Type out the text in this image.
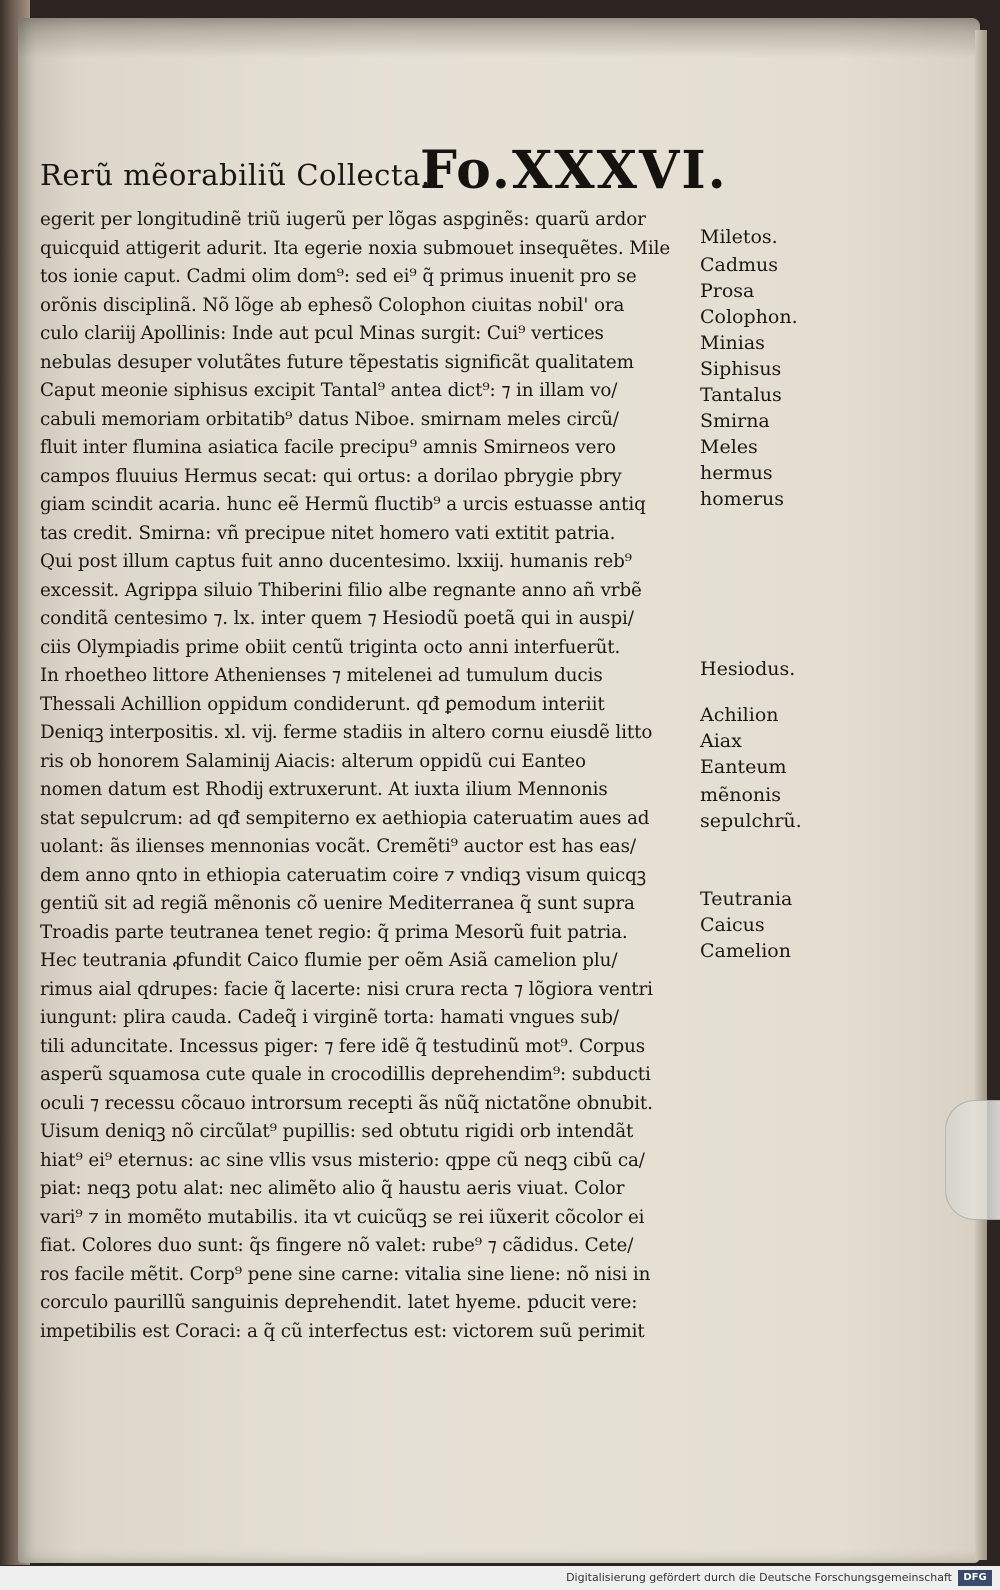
Rerũ mẽorabiliũ Collecta.
Fo.XXXVI.
egerit per longitudinẽ triũ iugerũ per lõgas aspginẽs: quarũ ardor
quicquid attigerit adurit. Ita egerie noxia submouet insequẽtes. Mile
tos ionie caput. Cadmi olim dom⁹: sed ei⁹ q̃ primus inuenit pro se
orõnis disciplinã. Nõ lõge ab ephesõ Colophon ciuitas nobil' ora
culo clariĳ Apollinis: Inde aut pcul Minas surgit: Cui⁹ vertices
nebulas desuper volutãtes future tẽpestatis significãt qualitatem
Caput meonie siphisus excipit Tantal⁹ antea dict⁹: ⁊ in illam vo/
cabuli memoriam orbitatib⁹ datus Niboe. smirnam meles circũ/
fluit inter flumina asiatica facile precipu⁹ amnis Smirneos vero
campos fluuius Hermus secat: qui ortus: a dorilao pbrygie pbry
giam scindit acaria. hunc eẽ Hermũ fluctib⁹ a urcis estuasse antiq
tas credit. Smirna: vñ precipue nitet homero vati extitit patria.
Qui post illum captus fuit anno ducentesimo. lxxiĳ. humanis reb⁹
excessit. Agrippa siluio Thiberini filio albe regnante anno añ vrbẽ
conditã centesimo ⁊. lx. inter quem ⁊ Hesiodũ poetã qui in auspi/
ciis Olympiadis prime obiit centũ triginta octo anni interfuerũt.
In rhoetheo littore Athenienses ⁊ mitelenei ad tumulum ducis
Thessali Achillion oppidum condiderunt. qđ ꝑemodum interiit
Deniqꝫ interpositis. xl. vĳ. ferme stadiis in altero cornu eiusdẽ litto
ris ob honorem Salaminĳ Aiacis: alterum oppidũ cui Eanteo
nomen datum est Rhodĳ extruxerunt. At iuxta ilium Mennonis
stat sepulcrum: ad qđ sempiterno ex aethiopia cateruatim aues ad
uolant: ãs ilienses mennonias vocãt. Cremẽti⁹ auctor est has eas/
dem anno qnto in ethiopia cateruatim coire ⁊ vndiqꝫ visum quicqꝫ
gentiũ sit ad regiã mẽnonis cõ uenire Mediterranea q̃ sunt supra
Troadis parte teutranea tenet regio: q̃ prima Mesorũ fuit patria.
Hec teutrania ꝓfundit Caico flumie per oẽm Asiã camelion plu/
rimus aial qdrupes: facie q̃ lacerte: nisi crura recta ⁊ lõgiora ventri
iungunt: plira cauda. Cadeq̃ i virginẽ torta: hamati vngues sub/
tili aduncitate. Incessus piger: ⁊ fere idẽ q̃ testudinũ mot⁹. Corpus
asperũ squamosa cute quale in crocodillis deprehendim⁹: subducti
oculi ⁊ recessu cõcauo introrsum recepti ãs nũq̃ nictatõne obnubit.
Uisum deniqꝫ nõ circũlat⁹ pupillis: sed obtutu rigidi orb intendãt
hiat⁹ ei⁹ eternus: ac sine vllis vsus misterio: qppe cũ neqꝫ cibũ ca/
piat: neqꝫ potu alat: nec alimẽto alio q̃ haustu aeris viuat. Color
vari⁹ ⁊ in momẽto mutabilis. ita vt cuicũqꝫ se rei iũxerit cõcolor ei
fiat. Colores duo sunt: q̃s fingere nõ valet: rube⁹ ⁊ cãdidus. Cete/
ros facile mẽtit. Corp⁹ pene sine carne: vitalia sine liene: nõ nisi in
corculo paurillũ sanguinis deprehendit. latet hyeme. pducit vere:
impetibilis est Coraci: a q̃ cũ interfectus est: victorem suũ perimit
Miletos.
Cadmus
Prosa
Colophon.
Minias
Siphisus
Tantalus
Smirna
Meles
hermus
homerus
Hesiodus.
Achilion
Aiax
Eanteum
mẽnonis
sepulchrũ.
Teutrania
Caicus
Camelion
Digitalisierung gefördert durch die Deutsche Forschungsgemeinschaft	DFG
